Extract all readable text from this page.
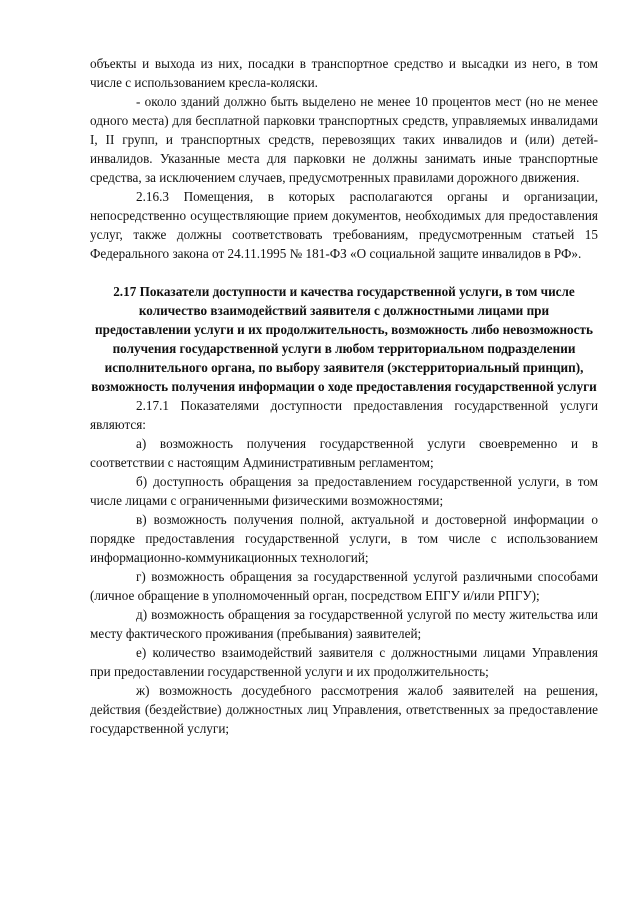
объекты и выхода из них, посадки в транспортное средство и высадки из него, в том числе с использованием кресла-коляски.

- около зданий должно быть выделено не менее 10 процентов мест (но не менее одного места) для бесплатной парковки транспортных средств, управляемых инвалидами I, II групп, и транспортных средств, перевозящих таких инвалидов и (или) детей-инвалидов. Указанные места для парковки не должны занимать иные транспортные средства, за исключением случаев, предусмотренных правилами дорожного движения.

2.16.3 Помещения, в которых располагаются органы и организации, непосредственно осуществляющие прием документов, необходимых для предоставления услуг, также должны соответствовать требованиям, предусмотренным статьей 15 Федерального закона от 24.11.1995 № 181-ФЗ «О социальной защите инвалидов в РФ».

2.17 Показатели доступности и качества государственной услуги, в том числе количество взаимодействий заявителя с должностными лицами при предоставлении услуги и их продолжительность, возможность либо невозможность получения государственной услуги в любом территориальном подразделении исполнительного органа, по выбору заявителя (экстерриториальный принцип), возможность получения информации о ходе предоставления государственной услуги

2.17.1 Показателями доступности предоставления государственной услуги являются:

а) возможность получения государственной услуги своевременно и в соответствии с настоящим Административным регламентом;

б) доступность обращения за предоставлением государственной услуги, в том числе лицами с ограниченными физическими возможностями;

в) возможность получения полной, актуальной и достоверной информации о порядке предоставления государственной услуги, в том числе с использованием информационно-коммуникационных технологий;

г) возможность обращения за государственной услугой различными способами (личное обращение в уполномоченный орган, посредством ЕПГУ и/или РПГУ);

д) возможность обращения за государственной услугой по месту жительства или месту фактического проживания (пребывания) заявителей;

е) количество взаимодействий заявителя с должностными лицами Управления при предоставлении государственной услуги и их продолжительность;

ж) возможность досудебного рассмотрения жалоб заявителей на решения, действия (бездействие) должностных лиц Управления, ответственных за предоставление государственной услуги;
